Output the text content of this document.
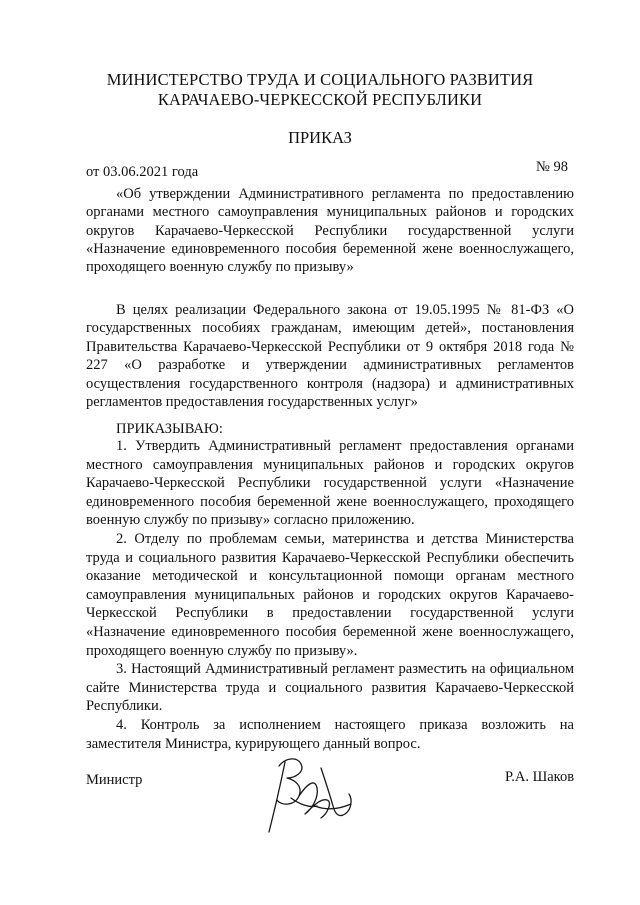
МИНИСТЕРСТВО ТРУДА И СОЦИАЛЬНОГО РАЗВИТИЯ
КАРАЧАЕВО-ЧЕРКЕССКОЙ РЕСПУБЛИКИ
ПРИКАЗ
от 03.06.2021 года	№ 98
«Об утверждении Административного регламента по предоставлению органами местного самоуправления муниципальных районов и городских округов Карачаево-Черкесской Республики государственной услуги «Назначение единовременного пособия беременной жене военнослужащего, проходящего военную службу по призыву»
В целях реализации Федерального закона от 19.05.1995 № 81-ФЗ «О государственных пособиях гражданам, имеющим детей», постановления Правительства Карачаево-Черкесской Республики от 9 октября 2018 года № 227 «О разработке и утверждении административных регламентов осуществления государственного контроля (надзора) и административных регламентов предоставления государственных услуг»
ПРИКАЗЫВАЮ:

1. Утвердить Административный регламент предоставления органами местного самоуправления муниципальных районов и городских округов Карачаево-Черкесской Республики государственной услуги «Назначение единовременного пособия беременной жене военнослужащего, проходящего военную службу по призыву» согласно приложению.

2. Отделу по проблемам семьи, материнства и детства Министерства труда и социального развития Карачаево-Черкесской Республики обеспечить оказание методической и консультационной помощи органам местного самоуправления муниципальных районов и городских округов Карачаево-Черкесской Республики в предоставлении государственной услуги «Назначение единовременного пособия беременной жене военнослужащего, проходящего военную службу по призыву».

3. Настоящий Административный регламент разместить на официальном сайте Министерства труда и социального развития Карачаево-Черкесской Республики.

4. Контроль за исполнением настоящего приказа возложить на заместителя Министра, курирующего данный вопрос.

Министр	Р.А. Шаков
